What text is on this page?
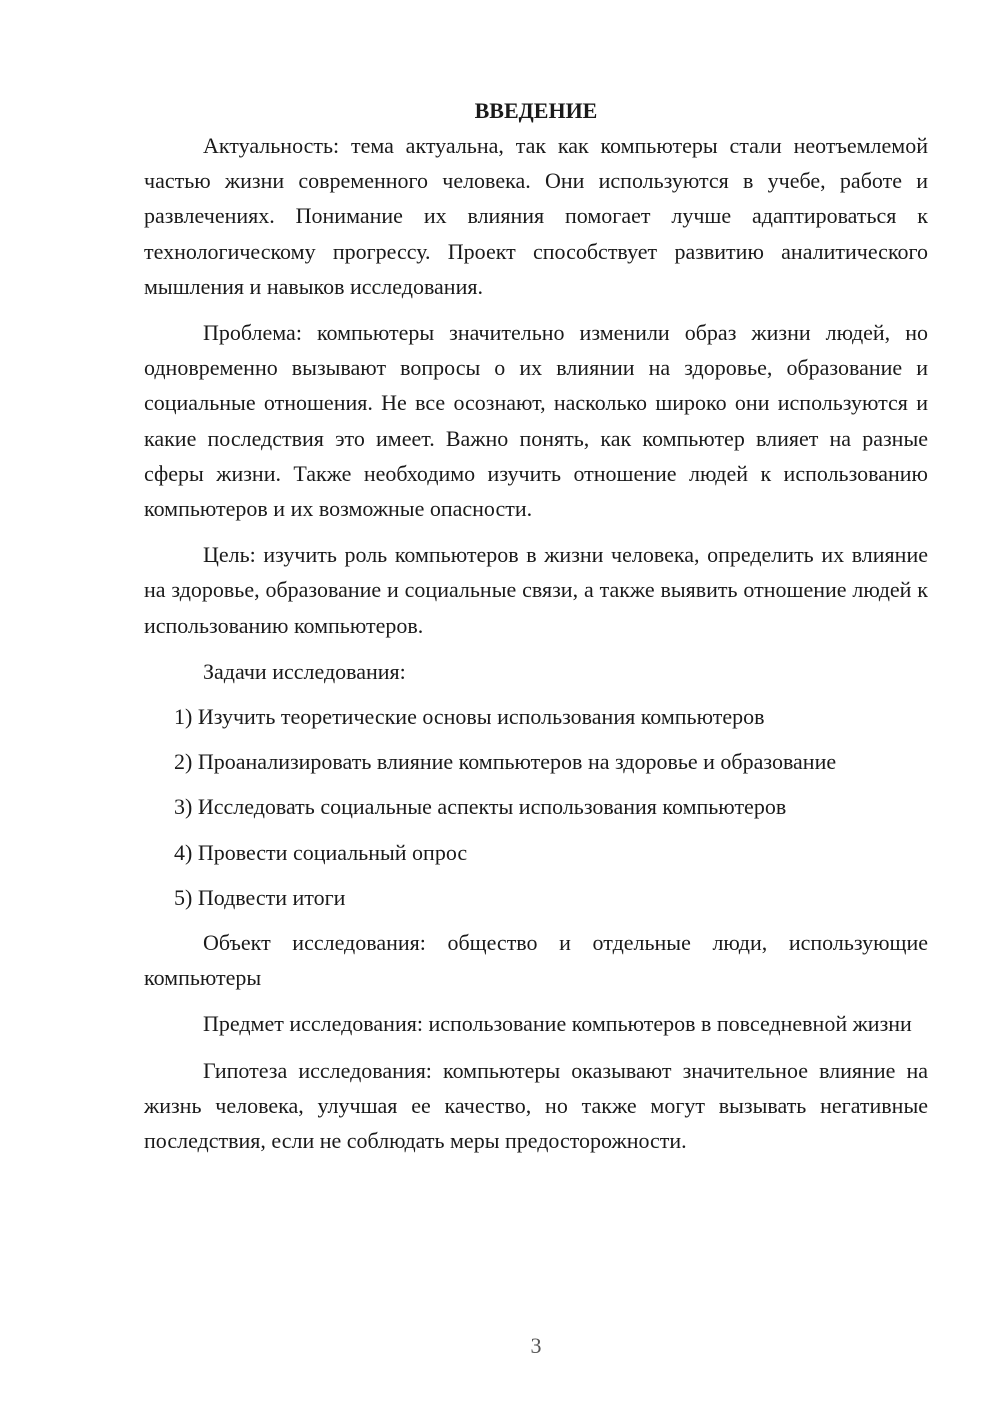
ВВЕДЕНИЕ

Актуальность: тема актуальна, так как компьютеры стали неотъемлемой частью жизни современного человека. Они используются в учебе, работе и развлечениях. Понимание их влияния помогает лучше адаптироваться к технологическому прогрессу. Проект способствует развитию аналитического мышления и навыков исследования.

Проблема: компьютеры значительно изменили образ жизни людей, но одновременно вызывают вопросы о их влиянии на здоровье, образование и социальные отношения. Не все осознают, насколько широко они используются и какие последствия это имеет. Важно понять, как компьютер влияет на разные сферы жизни. Также необходимо изучить отношение людей к использованию компьютеров и их возможные опасности.

Цель: изучить роль компьютеров в жизни человека, определить их влияние на здоровье, образование и социальные связи, а также выявить отношение людей к использованию компьютеров.

Задачи исследования:

1) Изучить теоретические основы использования компьютеров

2) Проанализировать влияние компьютеров на здоровье и образование

3) Исследовать социальные аспекты использования компьютеров

4) Провести социальный опрос

5) Подвести итоги

Объект исследования: общество и отдельные люди, использующие компьютеры

Предмет исследования: использование компьютеров в повседневной жизни

Гипотеза исследования: компьютеры оказывают значительное влияние на жизнь человека, улучшая ее качество, но также могут вызывать негативные последствия, если не соблюдать меры предосторожности.

3
